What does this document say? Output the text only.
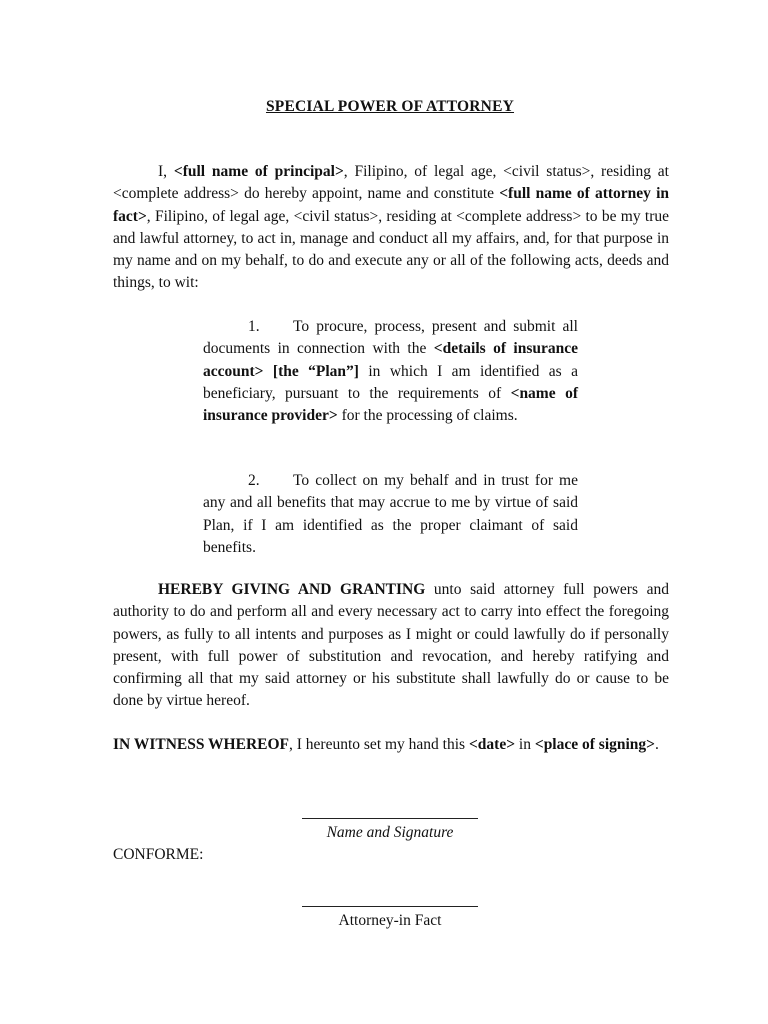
SPECIAL POWER OF ATTORNEY

I, <full name of principal>, Filipino, of legal age, <civil status>, residing at <complete address> do hereby appoint, name and constitute <full name of attorney in fact>, Filipino, of legal age, <civil status>, residing at <complete address> to be my true and lawful attorney, to act in, manage and conduct all my affairs, and, for that purpose in my name and on my behalf, to do and execute any or all of the following acts, deeds and things, to wit:

1. To procure, process, present and submit all documents in connection with the <details of insurance account> [the “Plan”] in which I am identified as a beneficiary, pursuant to the requirements of <name of insurance provider> for the processing of claims.

2. To collect on my behalf and in trust for me any and all benefits that may accrue to me by virtue of said Plan, if I am identified as the proper claimant of said benefits.

HEREBY GIVING AND GRANTING unto said attorney full powers and authority to do and perform all and every necessary act to carry into effect the foregoing powers, as fully to all intents and purposes as I might or could lawfully do if personally present, with full power of substitution and revocation, and hereby ratifying and confirming all that my said attorney or his substitute shall lawfully do or cause to be done by virtue hereof.

IN WITNESS WHEREOF, I hereunto set my hand this <date> in <place of signing>.

Name and Signature
CONFORME:
Attorney-in Fact
